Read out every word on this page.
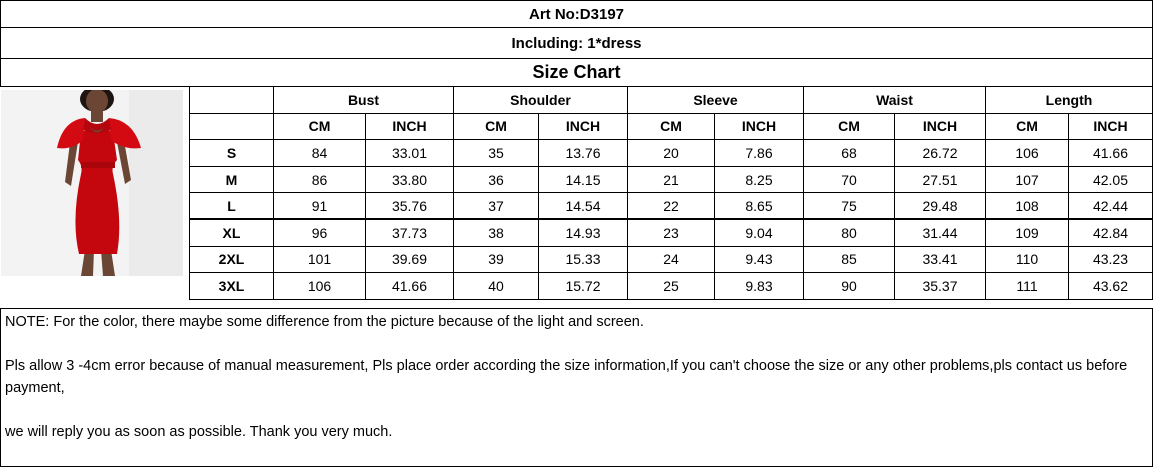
Art No:D3197
Including: 1*dress
Size Chart
	Bust		Shoulder		Sleeve		Waist		Length	
	CM	INCH	CM	INCH	CM	INCH	CM	INCH	CM	INCH
S	84	33.01	35	13.76	20	7.86	68	26.72	106	41.66
M	86	33.80	36	14.15	21	8.25	70	27.51	107	42.05
L	91	35.76	37	14.54	22	8.65	75	29.48	108	42.44
XL	96	37.73	38	14.93	23	9.04	80	31.44	109	42.84
2XL	101	39.69	39	15.33	24	9.43	85	33.41	110	43.23
3XL	106	41.66	40	15.72	25	9.83	90	35.37	111	43.62

NOTE: For the color, there maybe some difference from the picture because of the light and screen.

Pls allow 3 -4cm error because of manual measurement, Pls place order according the size information,If you can't choose the size or any other problems,pls contact us before payment,

we will reply you as soon as possible. Thank you very much.
